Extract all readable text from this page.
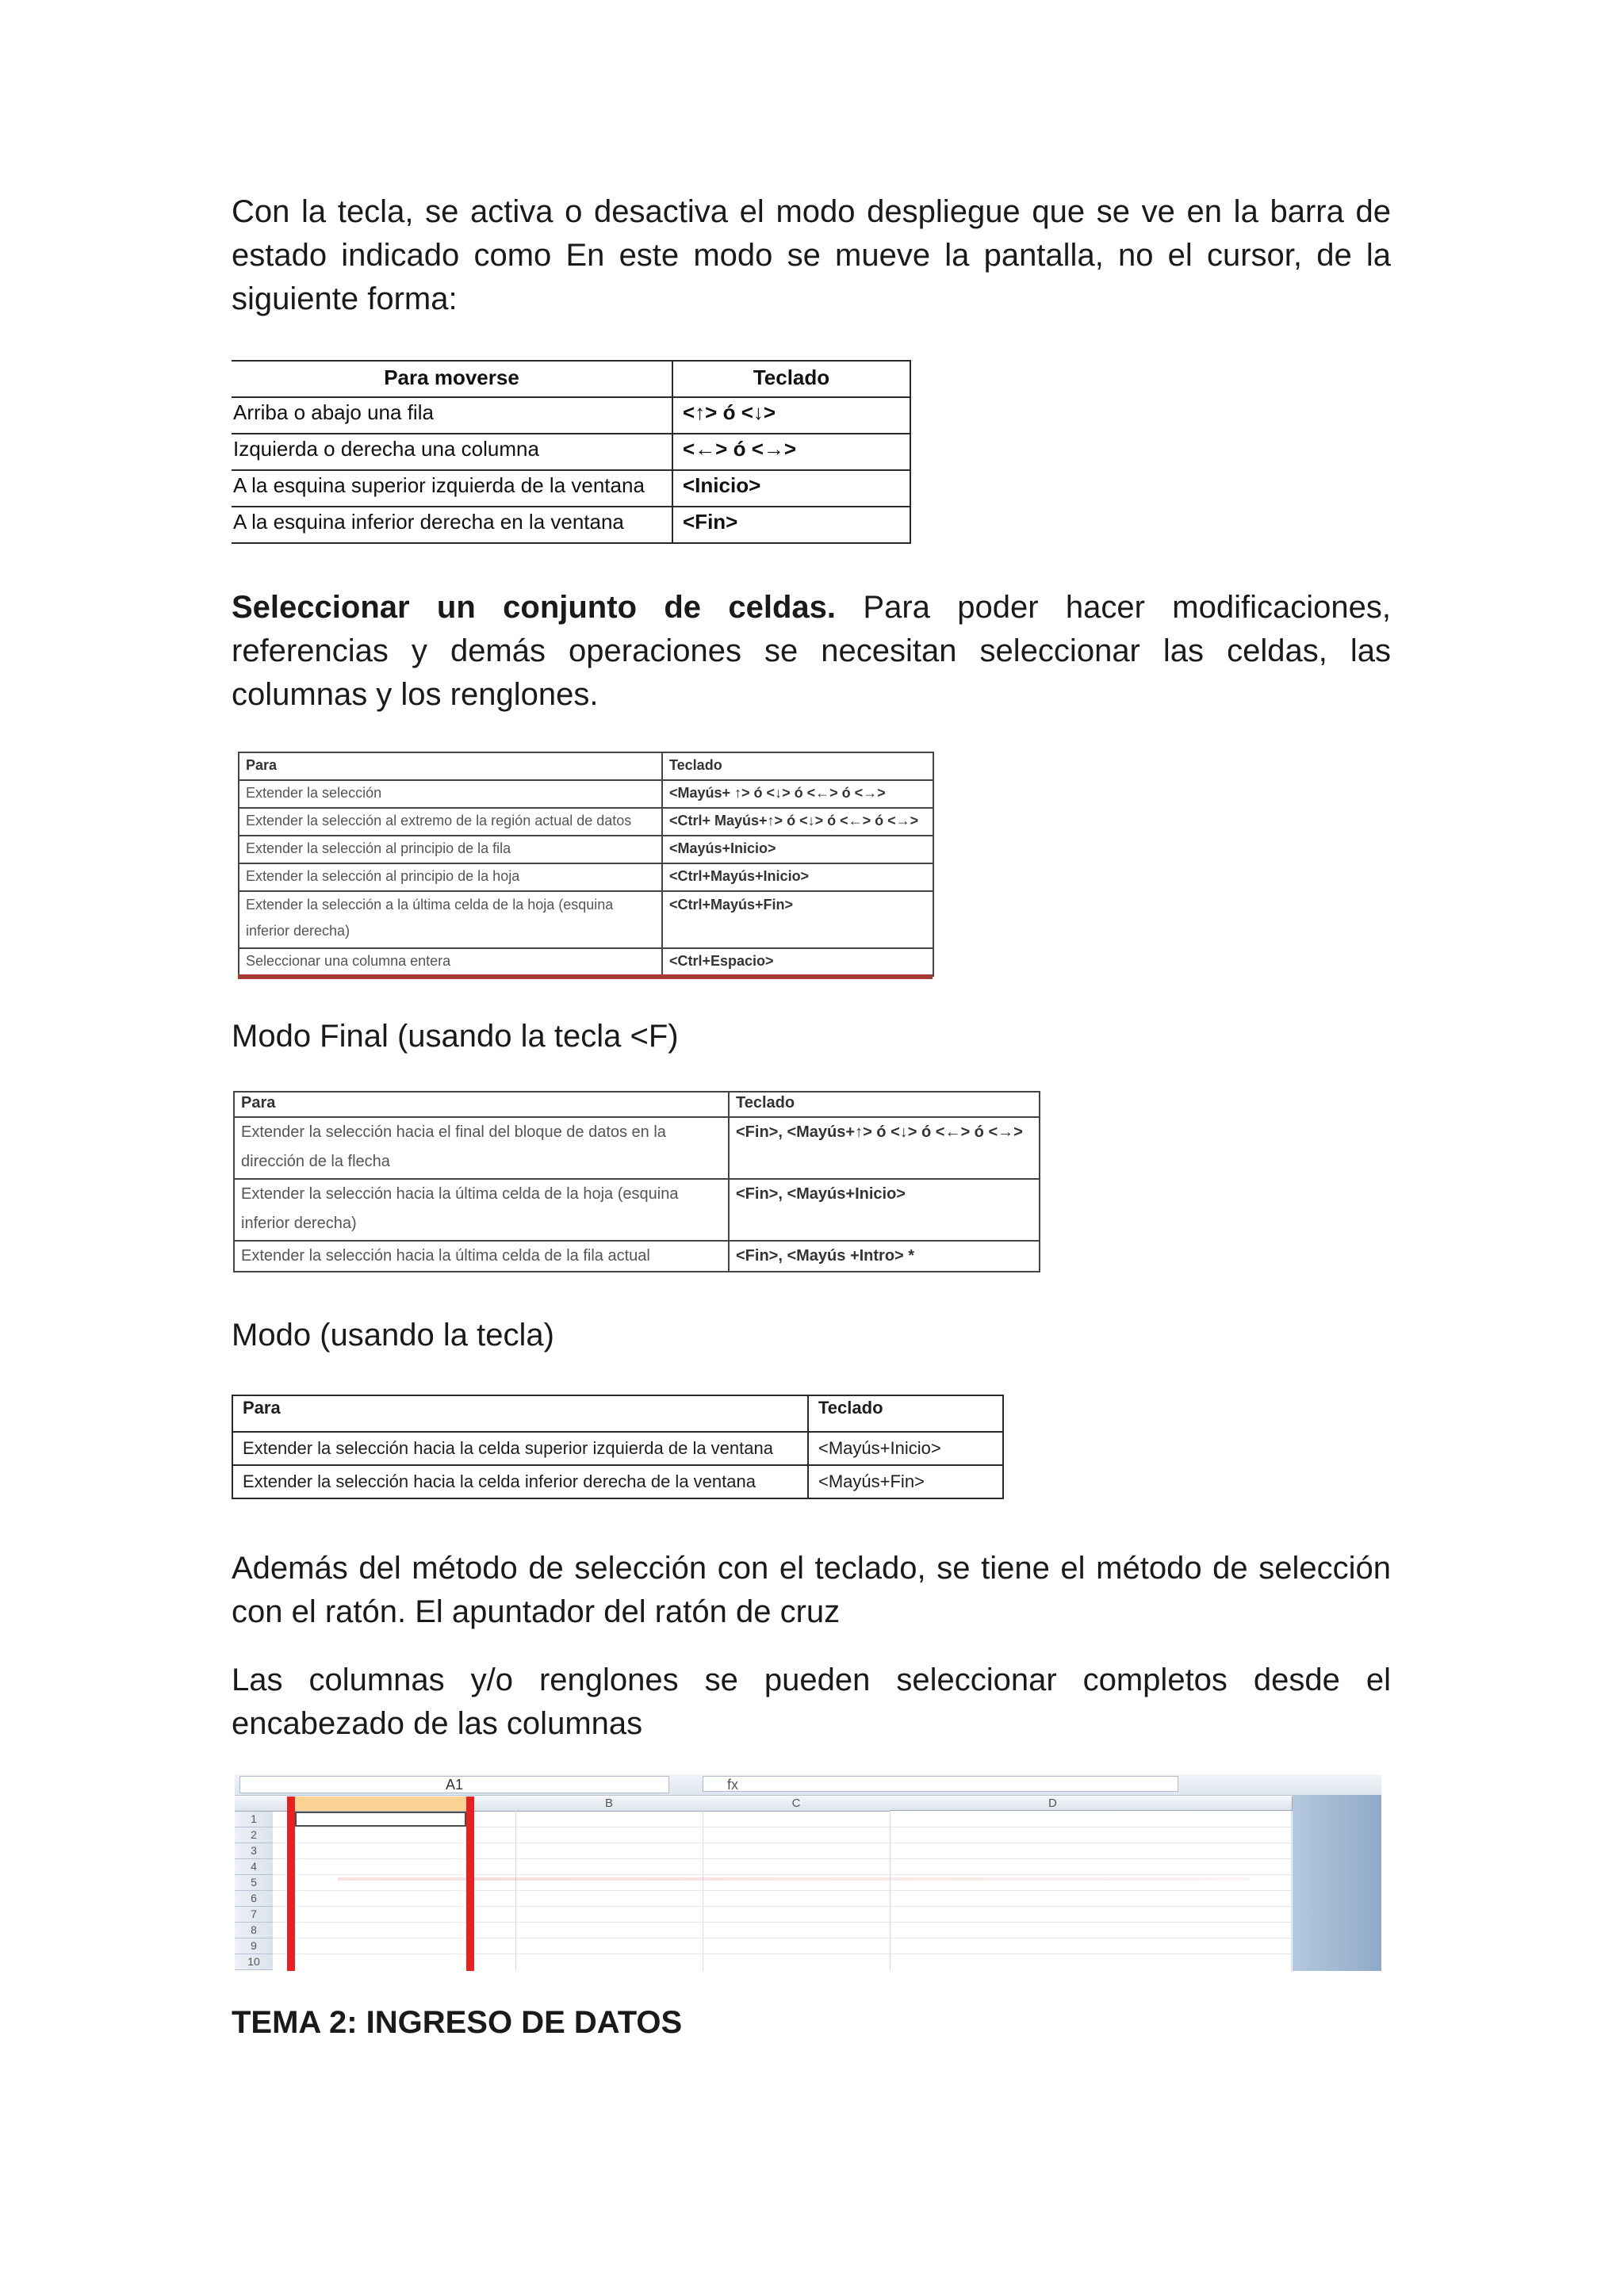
Con la tecla, se activa o desactiva el modo despliegue que se ve en la barra de estado indicado como En este modo se mueve la pantalla, no el cursor, de la siguiente forma:

Para moverse	Teclado
Arriba o abajo una fila	<↑> ó <↓>
Izquierda o derecha una columna	<←> ó <→>
A la esquina superior izquierda de la ventana	<Inicio>
A la esquina inferior derecha en la ventana	<Fin>

Seleccionar un conjunto de celdas. Para poder hacer modificaciones, referencias y demás operaciones se necesitan seleccionar las celdas, las columnas y los renglones.

Para	Teclado
Extender la selección	<Mayús+ ↑> ó <↓> ó <←> ó <→>
Extender la selección al extremo de la región actual de datos	<Ctrl+ Mayús+↑> ó <↓> ó <←> ó <→>
Extender la selección al principio de la fila	<Mayús+Inicio>
Extender la selección al principio de la hoja	<Ctrl+Mayús+Inicio>
Extender la selección a la última celda de la hoja (esquina inferior derecha)	<Ctrl+Mayús+Fin>
Seleccionar una columna entera	<Ctrl+Espacio>

Modo Final (usando la tecla <F)

Para	Teclado
Extender la selección hacia el final del bloque de datos en la dirección de la flecha	<Fin>, <Mayús+↑> ó <↓> ó <←> ó <→>
Extender la selección hacia la última celda de la hoja (esquina inferior derecha)	<Fin>, <Mayús+Inicio>
Extender la selección hacia la última celda de la fila actual	<Fin>, <Mayús +Intro> *

Modo (usando la tecla)

Para	Teclado
Extender la selección hacia la celda superior izquierda de la ventana	<Mayús+Inicio>
Extender la selección hacia la celda inferior derecha de la ventana	<Mayús+Fin>

Además del método de selección con el teclado, se tiene el método de selección con el ratón. El apuntador del ratón de cruz

Las columnas y/o renglones se pueden seleccionar completos desde el encabezado de las columnas

A1	fx
B	C	D
1
2
3
4
5
6
7
8
9
10

TEMA 2: INGRESO DE DATOS
